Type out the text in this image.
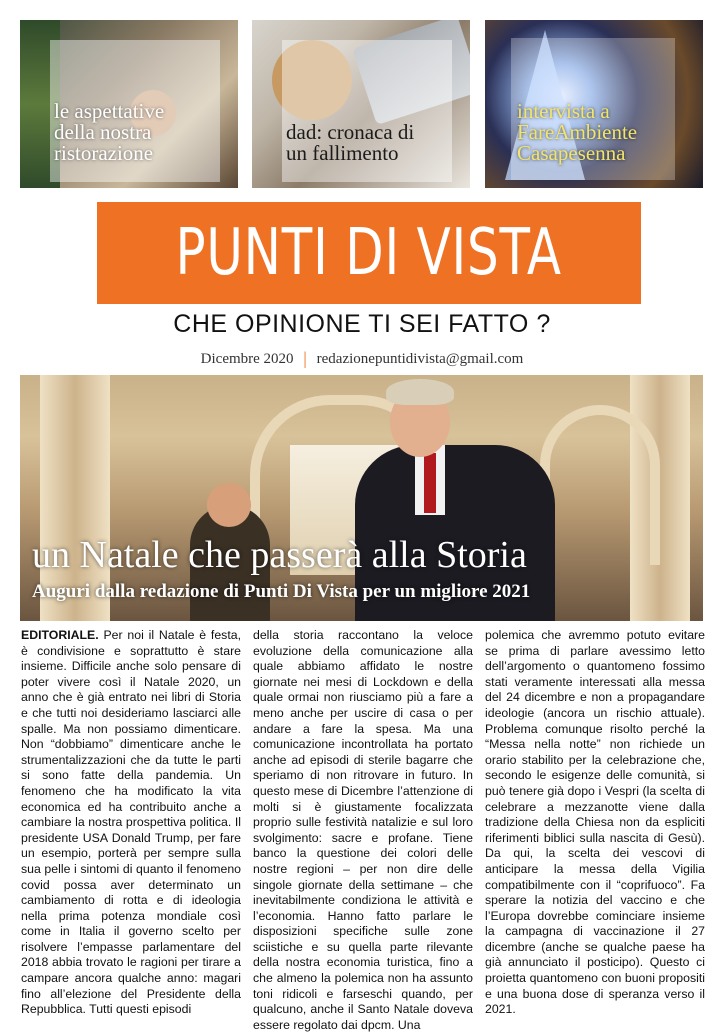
le aspettative
della nostra
ristorazione
dad: cronaca di
un fallimento
intervista a
FareAmbiente
Casapesenna
PUNTI DI VISTA
CHE OPINIONE TI SEI FATTO ?
Dicembre 2020 | redazionepuntidivista@gmail.com
un Natale che passerà alla Storia
Auguri dalla redazione di Punti Di Vista per un migliore 2021

EDITORIALE. Per noi il Natale è festa, è condivisione e soprattutto è stare insieme. Difficile anche solo pensare di poter vivere così il Natale 2020, un anno che è già entrato nei libri di Storia e che tutti noi desideriamo lasciarci alle spalle. Ma non possiamo dimenticare. Non “dobbiamo” dimenticare anche le strumentalizzazioni che da tutte le parti si sono fatte della pandemia. Un fenomeno che ha modificato la vita economica ed ha contribuito anche a cambiare la nostra prospettiva politica. Il presidente USA Donald Trump, per fare un esempio, porterà per sempre sulla sua pelle i sintomi di quanto il fenomeno covid possa aver determinato un cambiamento di rotta e di ideologia nella prima potenza mondiale così come in Italia il governo scelto per risolvere l’empasse parlamentare del 2018 abbia trovato le ragioni per tirare a campare ancora qualche anno: magari fino all’elezione del Presidente della Repubblica. Tutti questi episodi

della storia raccontano la veloce evoluzione della comunicazione alla quale abbiamo affidato le nostre giornate nei mesi di Lockdown e della quale ormai non riusciamo più a fare a meno anche per uscire di casa o per andare a fare la spesa. Ma una comunicazione incontrollata ha portato anche ad episodi di sterile bagarre che speriamo di non ritrovare in futuro. In questo mese di Dicembre l’attenzione di molti si è giustamente focalizzata proprio sulle festività natalizie e sul loro svolgimento: sacre e profane. Tiene banco la questione dei colori delle nostre regioni – per non dire delle singole giornate della settimane – che inevitabilmente condiziona le attività e l’economia. Hanno fatto parlare le disposizioni specifiche sulle zone sciistiche e su quella parte rilevante della nostra economia turistica, fino a che almeno la polemica non ha assunto toni ridicoli e farseschi quando, per qualcuno, anche il Santo Natale doveva essere regolato dai dpcm. Una

polemica che avremmo potuto evitare se prima di parlare avessimo letto dell’argomento o quantomeno fossimo stati veramente interessati alla messa del 24 dicembre e non a propagandare ideologie (ancora un rischio attuale). Problema comunque risolto perché la “Messa nella notte” non richiede un orario stabilito per la celebrazione che, secondo le esigenze delle comunità, si può tenere già dopo i Vespri (la scelta di celebrare a mezzanotte viene dalla tradizione della Chiesa non da espliciti riferimenti biblici sulla nascita di Gesù). Da qui, la scelta dei vescovi di anticipare la messa della Vigilia compatibilmente con il “coprifuoco”. Fa sperare la notizia del vaccino e che l’Europa dovrebbe cominciare insieme la campagna di vaccinazione il 27 dicembre (anche se qualche paese ha già annunciato il posticipo). Questo ci proietta quantomeno con buoni propositi e una buona dose di speranza verso il 2021.
